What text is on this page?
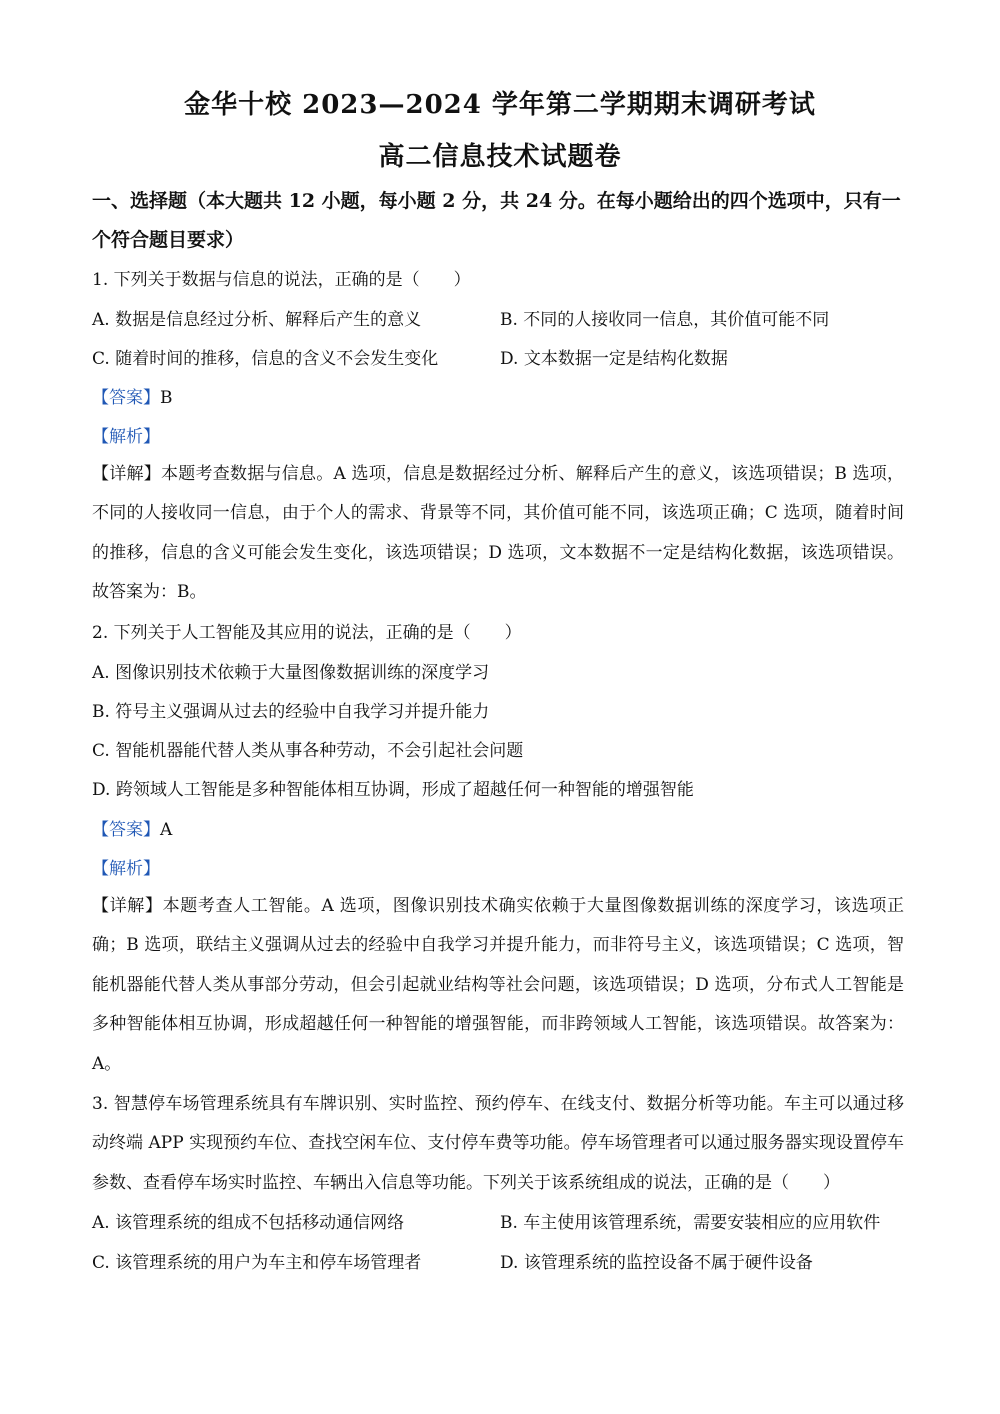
金华十校 2023—2024 学年第二学期期末调研考试
高二信息技术试题卷
一、选择题（本大题共 12 小题，每小题 2 分，共 24 分。在每小题给出的四个选项中，只有一个符合题目要求）
1. 下列关于数据与信息的说法，正确的是（　　）
A. 数据是信息经过分析、解释后产生的意义	B. 不同的人接收同一信息，其价值可能不同
C. 随着时间的推移，信息的含义不会发生变化	D. 文本数据一定是结构化数据
【答案】B
【解析】
【详解】本题考查数据与信息。A 选项，信息是数据经过分析、解释后产生的意义，该选项错误；B 选项，不同的人接收同一信息，由于个人的需求、背景等不同，其价值可能不同，该选项正确；C 选项，随着时间的推移，信息的含义可能会发生变化，该选项错误；D 选项，文本数据不一定是结构化数据，该选项错误。故答案为：B。
2. 下列关于人工智能及其应用的说法，正确的是（　　）
A. 图像识别技术依赖于大量图像数据训练的深度学习
B. 符号主义强调从过去的经验中自我学习并提升能力
C. 智能机器能代替人类从事各种劳动，不会引起社会问题
D. 跨领域人工智能是多种智能体相互协调，形成了超越任何一种智能的增强智能
【答案】A
【解析】
【详解】本题考查人工智能。A 选项，图像识别技术确实依赖于大量图像数据训练的深度学习，该选项正确；B 选项，联结主义强调从过去的经验中自我学习并提升能力，而非符号主义，该选项错误；C 选项，智能机器能代替人类从事部分劳动，但会引起就业结构等社会问题，该选项错误；D 选项，分布式人工智能是多种智能体相互协调，形成超越任何一种智能的增强智能，而非跨领域人工智能，该选项错误。故答案为：A。
3. 智慧停车场管理系统具有车牌识别、实时监控、预约停车、在线支付、数据分析等功能。车主可以通过移动终端 APP 实现预约车位、查找空闲车位、支付停车费等功能。停车场管理者可以通过服务器实现设置停车参数、查看停车场实时监控、车辆出入信息等功能。下列关于该系统组成的说法，正确的是（　　）
A. 该管理系统的组成不包括移动通信网络	B. 车主使用该管理系统，需要安装相应的应用软件
C. 该管理系统的用户为车主和停车场管理者	D. 该管理系统的监控设备不属于硬件设备
